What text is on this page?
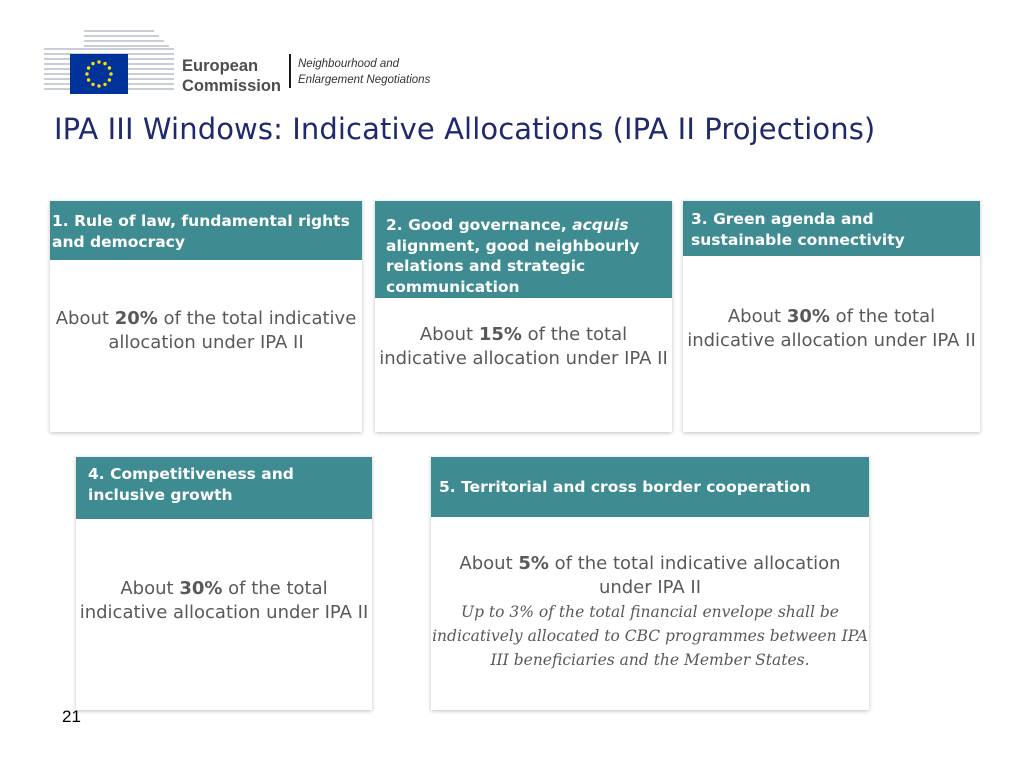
European
Commission
Neighbourhood and
Enlargement Negotiations
IPA III Windows: Indicative Allocations (IPA II Projections)
1. Rule of law, fundamental rights and democracy
About 20% of the total indicative allocation under IPA II
2. Good governance, acquis alignment, good neighbourly relations and strategic communication
About 15% of the total indicative allocation under IPA II
3. Green agenda and sustainable connectivity
About 30% of the total indicative allocation under IPA II
4. Competitiveness and inclusive growth
About 30% of the total indicative allocation under IPA II
5. Territorial and cross border cooperation
About 5% of the total indicative allocation under IPA II
Up to 3% of the total financial envelope shall be indicatively allocated to CBC programmes between IPA III beneficiaries and the Member States.
21
